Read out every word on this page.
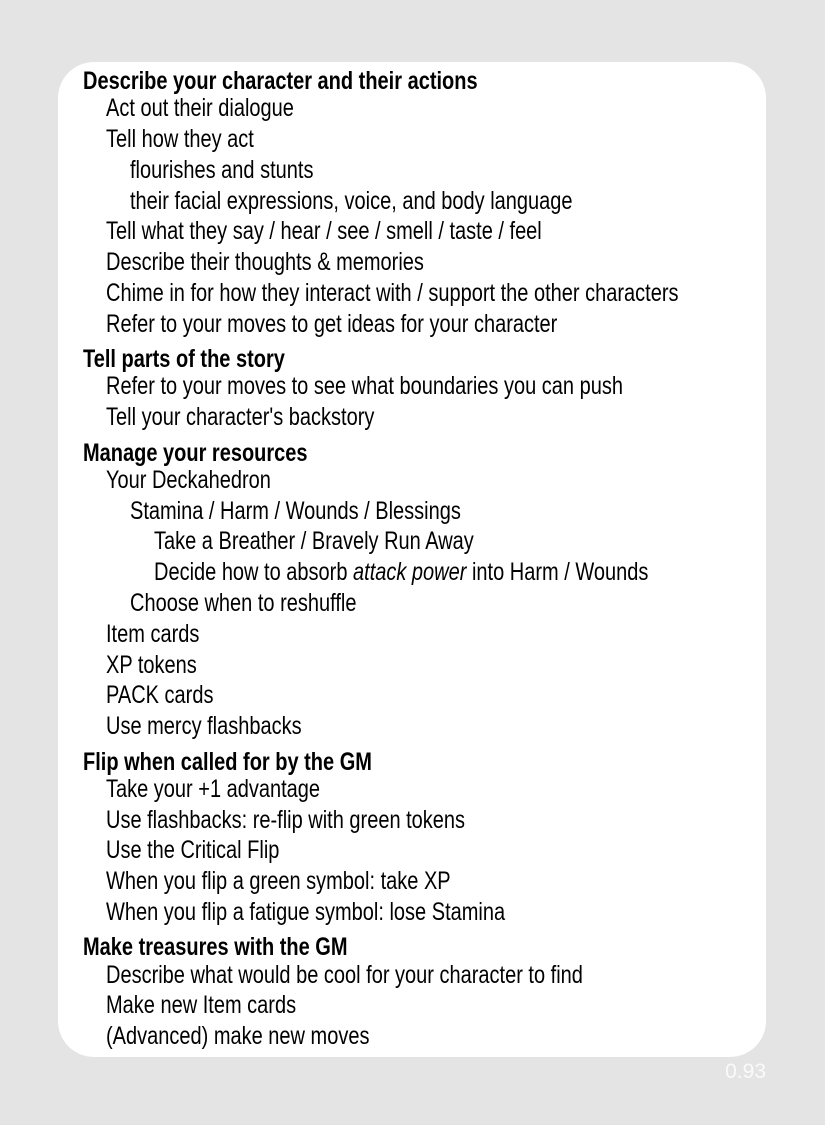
Describe your character and their actions
Act out their dialogue
Tell how they act
flourishes and stunts
their facial expressions, voice, and body language
Tell what they say / hear / see / smell / taste / feel
Describe their thoughts & memories
Chime in for how they interact with / support the other characters
Refer to your moves to get ideas for your character
Tell parts of the story
Refer to your moves to see what boundaries you can push
Tell your character's backstory
Manage your resources
Your Deckahedron
Stamina / Harm / Wounds / Blessings
Take a Breather / Bravely Run Away
Decide how to absorb attack power into Harm / Wounds
Choose when to reshuffle
Item cards
XP tokens
PACK cards
Use mercy flashbacks
Flip when called for by the GM
Take your +1 advantage
Use flashbacks: re-flip with green tokens
Use the Critical Flip
When you flip a green symbol: take XP
When you flip a fatigue symbol: lose Stamina
Make treasures with the GM
Describe what would be cool for your character to find
Make new Item cards
(Advanced) make new moves
0.93
